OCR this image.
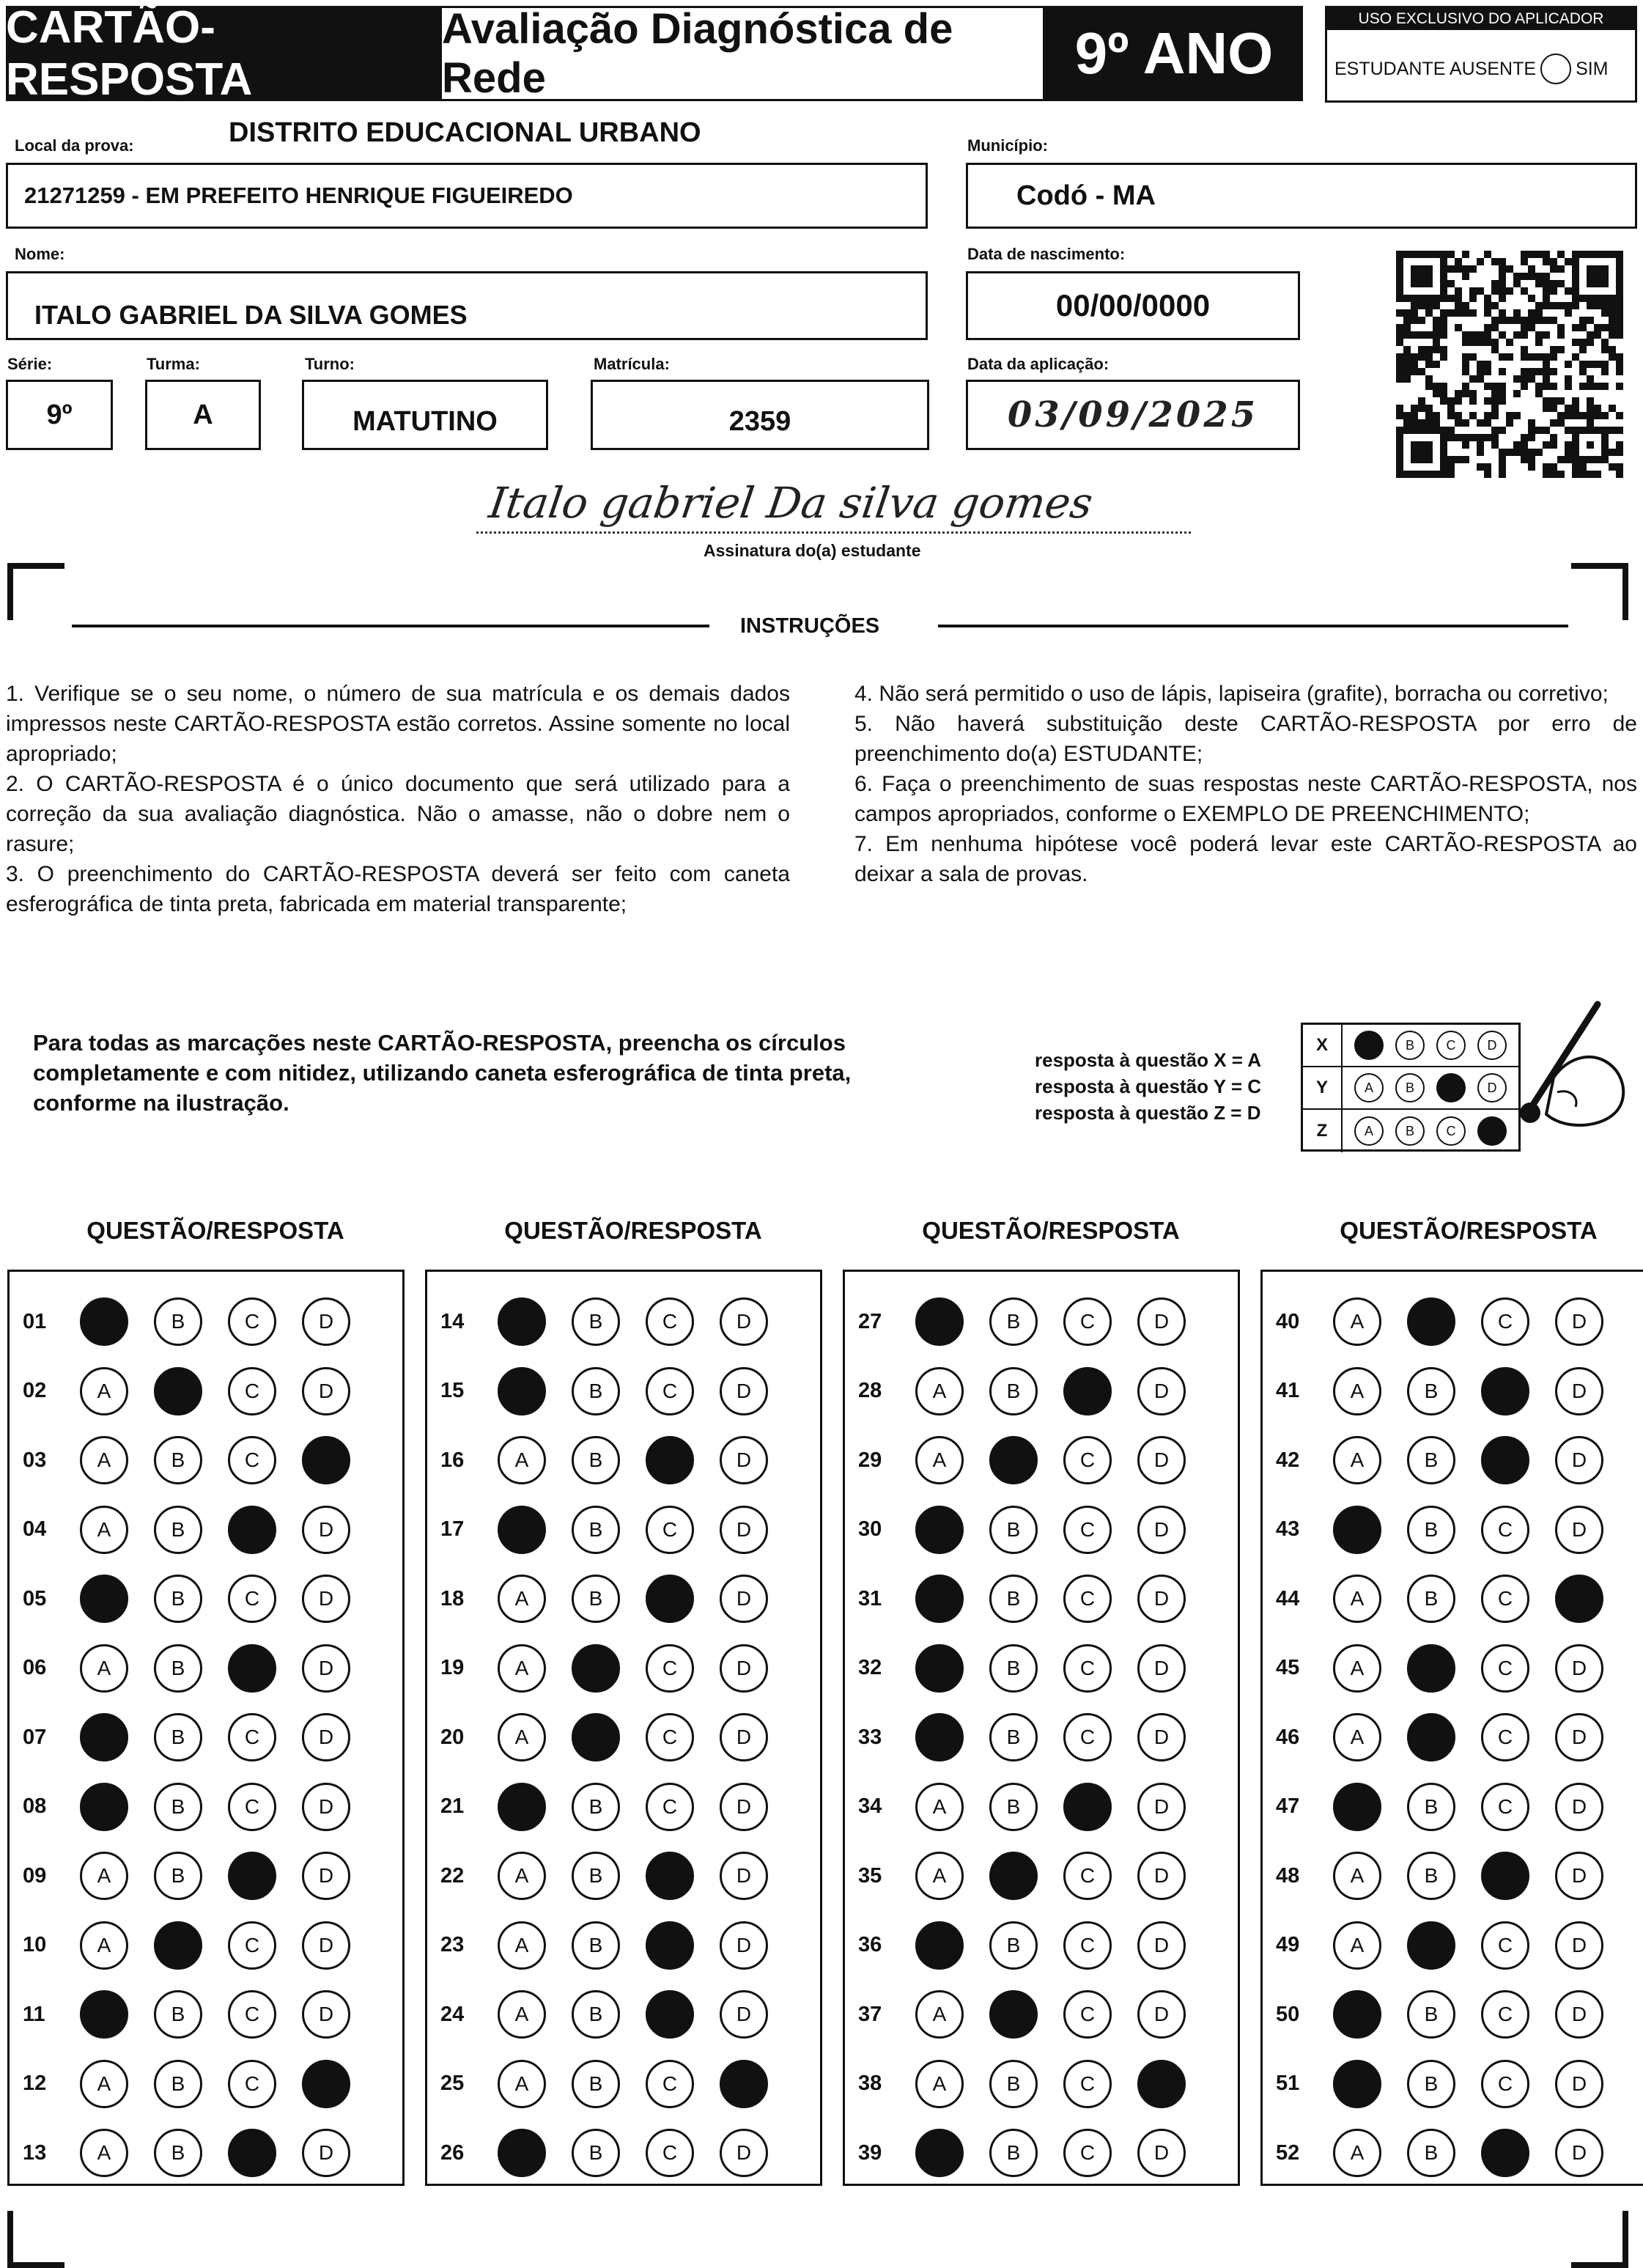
CARTÃO-RESPOSTA
Avaliação Diagnóstica de Rede	9º ANO
USO EXCLUSIVO DO APLICADOR
ESTUDANTE AUSENTE SIM
Local da prova:	DISTRITO EDUCACIONAL URBANO
21271259 - EM PREFEITO HENRIQUE FIGUEIREDO
Município:
Codó - MA
Nome:
ITALO GABRIEL DA SILVA GOMES
Data de nascimento:
00/00/0000
Série:
9º
Turma:
A
Turno:
MATUTINO
Matrícula:
2359
Data da aplicação:
03/09/2025
Italo gabriel Da silva gomes
Assinatura do(a) estudante
INSTRUÇÕES
1. Verifique se o seu nome, o número de sua matrícula e os demais dados impressos neste CARTÃO-RESPOSTA estão corretos. Assine somente no local apropriado;
2. O CARTÃO-RESPOSTA é o único documento que será utilizado para a correção da sua avaliação diagnóstica. Não o amasse, não o dobre nem o rasure;
3. O preenchimento do CARTÃO-RESPOSTA deverá ser feito com caneta esferográfica de tinta preta, fabricada em material transparente;
4. Não será permitido o uso de lápis, lapiseira (grafite), borracha ou corretivo;
5. Não haverá substituição deste CARTÃO-RESPOSTA por erro de preenchimento do(a) ESTUDANTE;
6. Faça o preenchimento de suas respostas neste CARTÃO-RESPOSTA, nos campos apropriados, conforme o EXEMPLO DE PREENCHIMENTO;
7. Em nenhuma hipótese você poderá levar este CARTÃO-RESPOSTA ao deixar a sala de provas.
Para todas as marcações neste CARTÃO-RESPOSTA, preencha os círculos completamente e com nitidez, utilizando caneta esferográfica de tinta preta, conforme na ilustração.
resposta à questão X = A
resposta à questão Y = C
resposta à questão Z = D
X	A	B	C	D
Y	A	B	C	D
Z	A	B	C	D
QUESTÃO/RESPOSTA
01	A	B	C	D
02	A	B	C	D
03	A	B	C	D
04	A	B	C	D
05	A	B	C	D
06	A	B	C	D
07	A	B	C	D
08	A	B	C	D
09	A	B	C	D
10	A	B	C	D
11	A	B	C	D
12	A	B	C	D
13	A	B	C	D
QUESTÃO/RESPOSTA
14	A	B	C	D
15	A	B	C	D
16	A	B	C	D
17	A	B	C	D
18	A	B	C	D
19	A	B	C	D
20	A	B	C	D
21	A	B	C	D
22	A	B	C	D
23	A	B	C	D
24	A	B	C	D
25	A	B	C	D
26	A	B	C	D
QUESTÃO/RESPOSTA
27	A	B	C	D
28	A	B	C	D
29	A	B	C	D
30	A	B	C	D
31	A	B	C	D
32	A	B	C	D
33	A	B	C	D
34	A	B	C	D
35	A	B	C	D
36	A	B	C	D
37	A	B	C	D
38	A	B	C	D
39	A	B	C	D
QUESTÃO/RESPOSTA
40	A	B	C	D
41	A	B	C	D
42	A	B	C	D
43	A	B	C	D
44	A	B	C	D
45	A	B	C	D
46	A	B	C	D
47	A	B	C	D
48	A	B	C	D
49	A	B	C	D
50	A	B	C	D
51	A	B	C	D
52	A	B	C	D
